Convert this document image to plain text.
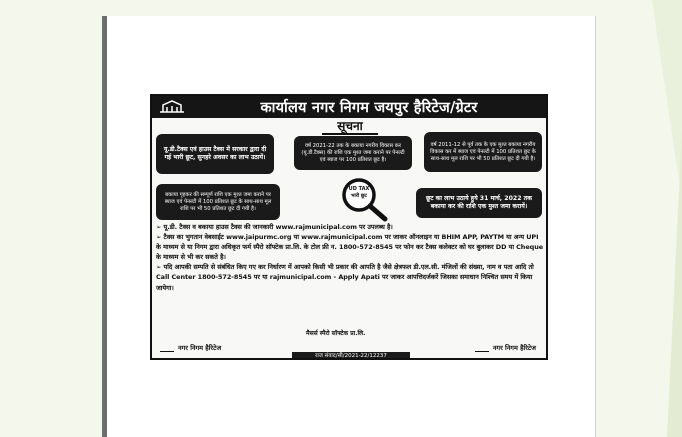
कार्यालय नगर निगम जयपुर हैरिटेज/ग्रेटर
सूचना
यू.डी.टैक्स एवं हाउस टैक्स में सरकार द्वारा दी गई भारी छूट, सुनहरे अवसर का लाभ उठायें।
वर्ष 2021-22 तक के बकाया नगरीय विकास कर (यू.डी.टैक्स) की राशि एक मुश्त जमा कराने पर पेनल्टी एवं ब्याज पर 100 प्रतिशत छूट है।
वर्ष 2011-12 से पूर्व तक के एक मुश्त बकाया नगरीय विकास कर में ब्याज एवं पेनल्टी में 100 प्रतिशत छूट के साथ-साथ मूल राशि पर भी 50 प्रतिशत छूट दी गयी है।
बकाया गृहकर की सम्पूर्ण राशि एक मुश्त जमा कराने पर ब्याज एवं पेनल्टी में 100 प्रतिशत छूट के साथ-साथ मूल राशि पर भी 50 प्रतिशत छूट दी गयी है।
छूट का लाभ उठाये हुये 31 मार्च, 2022 तक बकाया कर की राशि एक मुश्त जमा करायें।
UD TAX भारी छूट

➢ यू.डी. टैक्स व बकाया हाउस टैक्स की जानकारी www.rajmunicipal.com पर उपलब्ध है।

➢ टैक्स का भुगतान वेबसाईट www.jaipurmc.org या www.rajmunicipal.com पर जाकर ऑनलाइन या BHIM APP, PAYTM या अन्य UPI के माध्यम से या निगम द्वारा अधिकृत फर्म स्पैरो सॉफ्टेक प्रा.लि. के टोल फ्री न. 1800-572-8545 पर फोन कर टैक्स कलेक्टर को घर बुलाकर DD या Cheque के माध्यम से भी कर सकते है।

➢ यदि आपकी सम्पति से संबंधित किए गए कर निर्धारण में आपको किसी भी प्रकार की आपति है जैसे क्षेत्रफल डी.एल.सी. मंजिलों की संख्या, नाम व पता आदि तो Call Center 1800-572-8545 पर या rajmunicipal.com - Apply Apati पर जाकर आपत्तिदर्जकरें जिसका समाधान निश्चित समय में किया जायेगा।

मैसर्स स्पैरो सॉफ्टेक प्रा.लि.
नगर निगम हैरिटेज
राज संवाद/सी/2021-22/12237
नगर निगम हैरिटेज
